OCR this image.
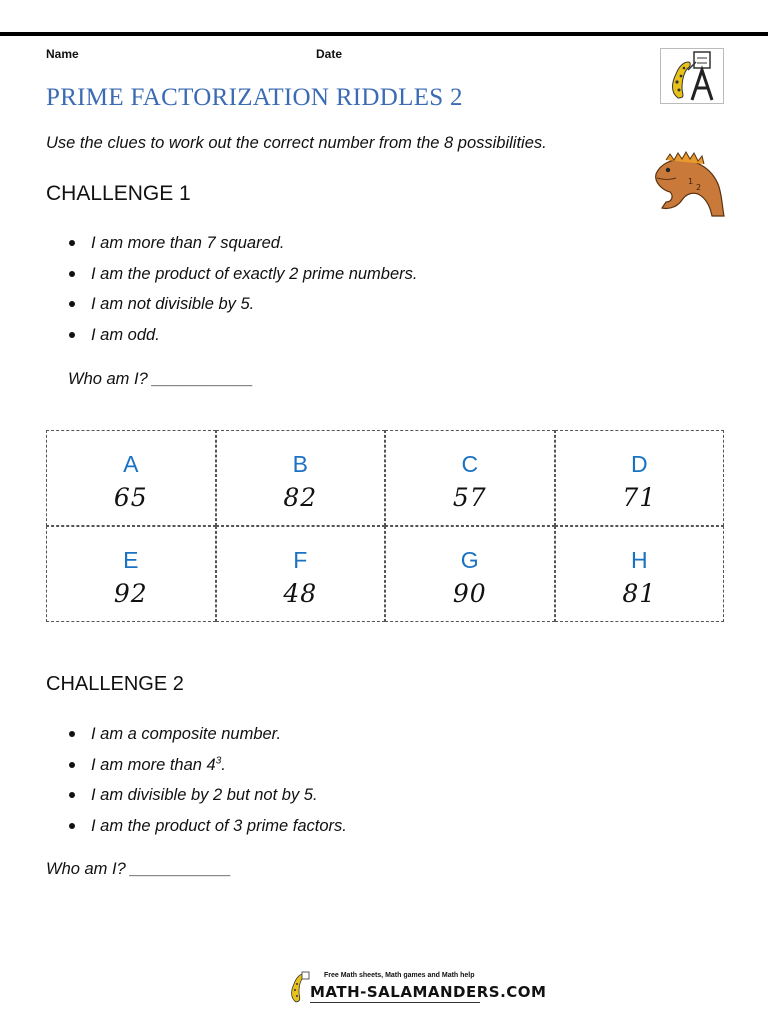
Name	Date
PRIME FACTORIZATION RIDDLES 2
Use the clues to work out the correct number from the 8 possibilities.
1
2
CHALLENGE 1
I am more than 7 squared.
I am the product of exactly 2 prime numbers.
I am not divisible by 5.
I am odd.
Who am I? ___________
A
65
B
82
C
57
D
71
E
92
F
48
G
90
H
81
CHALLENGE 2
I am a composite number.
I am more than $4^3$.
I am divisible by 2 but not by 5.
I am the product of 3 prime factors.
Who am I? ___________
Free Math sheets, Math games and Math help
MATH-SALAMANDERS.COM
